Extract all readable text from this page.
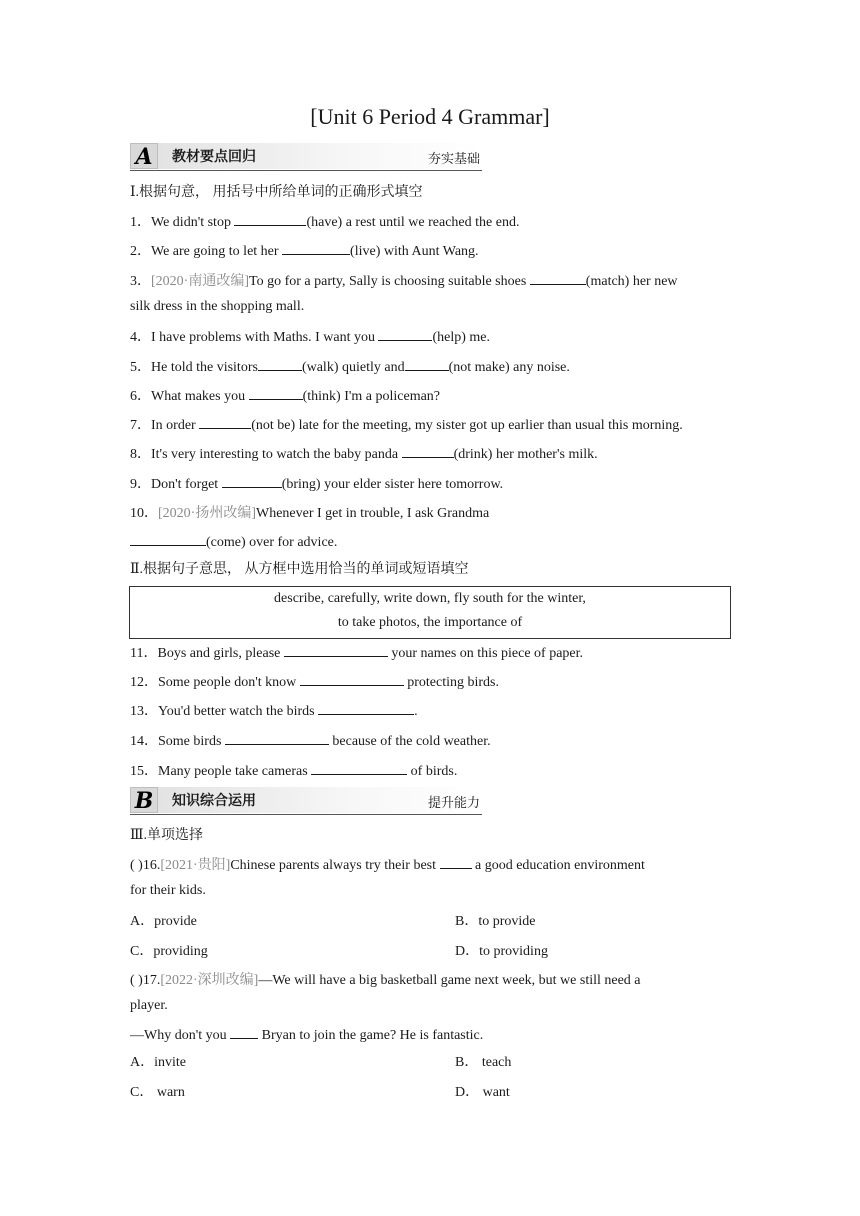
[Unit 6 Period 4 Grammar]
A	教材要点回归	夯实基础
Ⅰ.根据句意， 用括号中所给单词的正确形式填空
1．We didn't stop	(have) a rest until we reached the end.
2．We are going to let her	(live) with Aunt Wang.
3．[2020·南通改编]To go for a party, Sally is choosing suitable shoes	(match) her new
silk dress in the shopping mall.
4．I have problems with Maths. I want you	(help) me.
5．He told the visitors	(walk) quietly and	(not make) any noise.
6．What makes you	(think) I'm a policeman?
7．In order	(not be) late for the meeting, my sister got up earlier than usual this morning.
8．It's very interesting to watch the baby panda	(drink) her mother's milk.
9．Don't forget	(bring) your elder sister here tomorrow.
10．[2020·扬州改编]Whenever I get in trouble, I ask Grandma
(come) over for advice.
Ⅱ.根据句子意思， 从方框中选用恰当的单词或短语填空
describe, carefully, write down, fly south for the winter,
to take photos, the importance of
11．Boys and girls, please	your names on this piece of paper.
12．Some people don't know	protecting birds.
13．You'd better watch the birds	.
14．Some birds	because of the cold weather.
15．Many people take cameras	of birds.
B	知识综合运用	提升能力
Ⅲ.单项选择
( )16.[2021·贵阳]Chinese parents always try their best  a good education environment
for their kids.
A．provide	B．to provide
C．providing	D．to providing
( )17.[2022·深圳改编]—We will have a big basketball game next week, but we still need a
player.
—Why don't you  Bryan to join the game? He is fantastic.
A．invite	B． teach
C． warn	D． want
